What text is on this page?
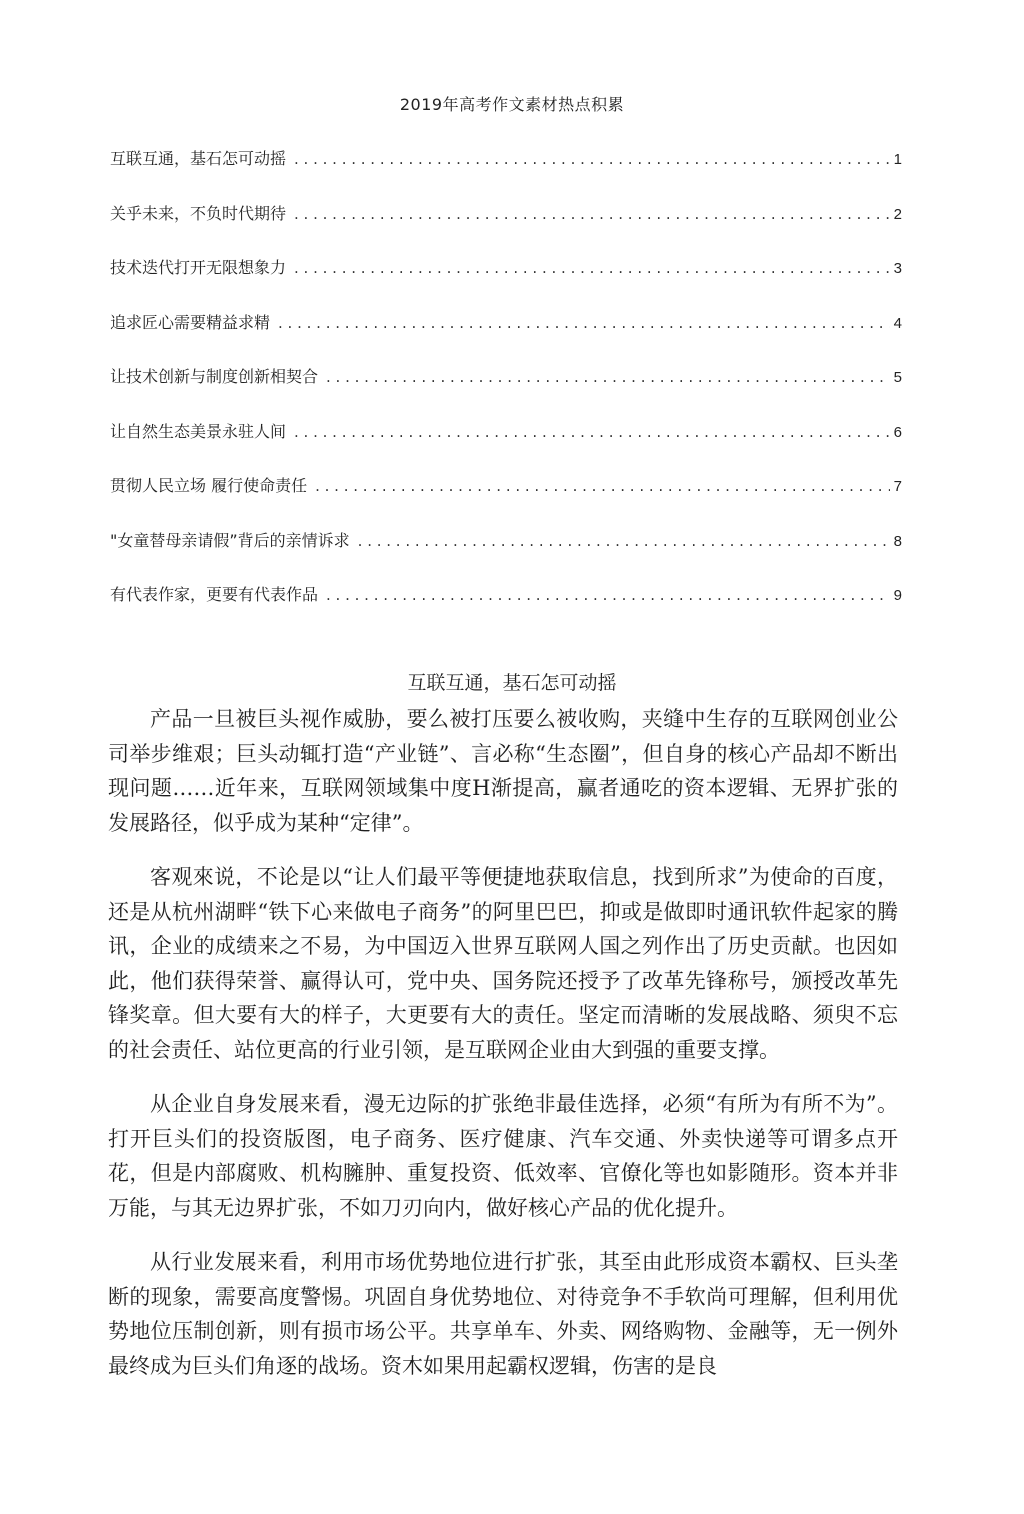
2019年高考作文素材热点积累
互联互通，基石怎可动摇 . . .	1
关乎未来，不负时代期待 . . .	2
技术迭代打开无限想象力 . . .	3
追求匠心需要精益求精 . . .	4
让技术创新与制度创新相契合 . . .	5
让自然生态美景永驻人间 . . .	6
贯彻人民立场 履行使命责任 . . .	7
"女童替母亲请假”背后的亲情诉求 . . .	8
有代表作家，更要有代表作品 . . .	9
互联互通，基石怎可动摇

产品一旦被巨头视作威胁，要么被打压要么被收购，夹缝中生存的互联网创业公司举步维艰；巨头动辄打造“产业链”、言必称“生态圈”，但自身的核心产品却不断出现问题……近年来，互联网领域集中度H渐提高，赢者通吃的资本逻辑、无界扩张的发展路径，似乎成为某种“定律”。

客观來说，不论是以“让人们最平等便捷地获取信息，找到所求”为使命的百度，还是从杭州湖畔“铁下心来做电子商务”的阿里巴巴，抑或是做即时通讯软件起家的腾讯，企业的成绩来之不易，为中国迈入世界互联网人国之列作出了历史贡献。也因如此，他们获得荣誉、赢得认可，党中央、国务院还授予了改革先锋称号，颁授改革先锋奖章。但大要有大的样子，大更要有大的责任。坚定而清晰的发展战略、须臾不忘的社会责任、站位更高的行业引领，是互联网企业由大到强的重要支撑。

从企业自身发展来看，漫无边际的扩张绝非最佳选择，必须“有所为有所不为”。打开巨头们的投资版图，电子商务、医疗健康、汽车交通、外卖快递等可谓多点开花，但是内部腐败、机构臃肿、重复投资、低效率、官僚化等也如影随形。资本并非万能，与其无边界扩张，不如刀刃向内，做好核心产品的优化提升。

从行业发展来看，利用市场优势地位进行扩张，其至由此形成资本霸权、巨头垄断的现象，需要高度警惕。巩固自身优势地位、对待竞争不手软尚可理解，但利用优势地位压制创新，则有损市场公平。共享单车、外卖、网络购物、金融等，无一例外最终成为巨头们角逐的战场。资木如果用起霸权逻辑，伤害的是良
